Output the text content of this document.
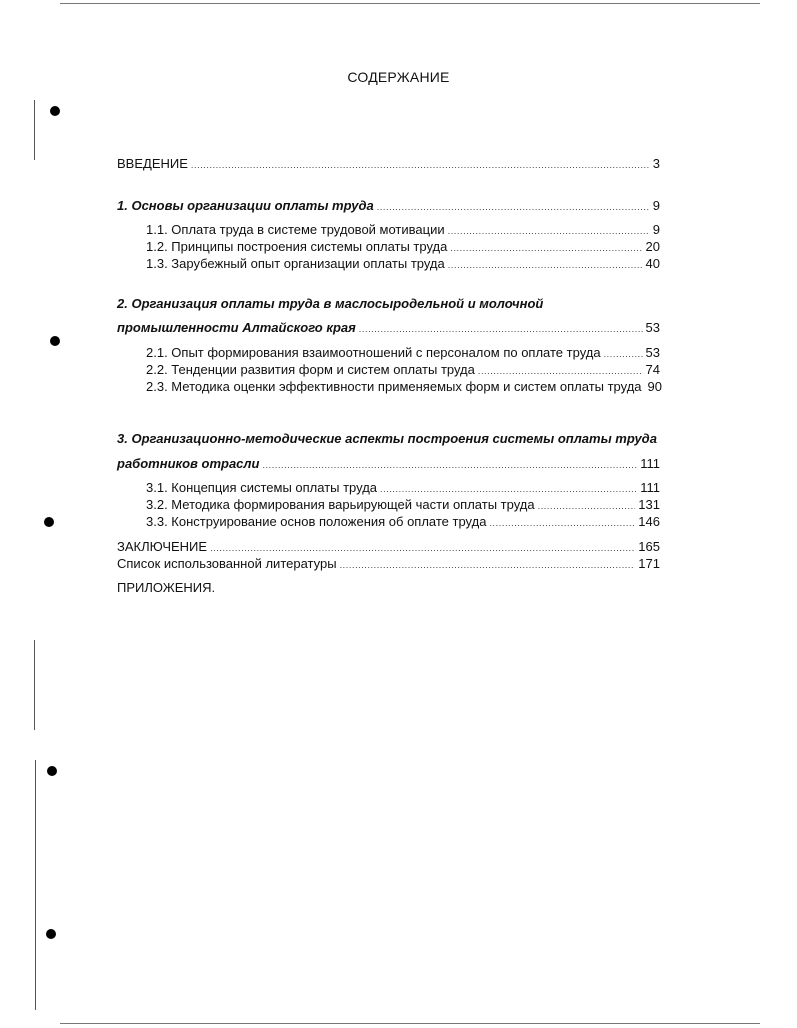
СОДЕРЖАНИЕ
ВВЕДЕНИЕ .....	3
1. Основы организации оплаты труда .....	9
1.1. Оплата труда в системе трудовой мотивации .....	9
1.2. Принципы построения системы оплаты труда .....	20
1.3. Зарубежный опыт организации оплаты труда .....	40
2. Организация оплаты труда в маслосыродельной и молочной
промышленности Алтайского края .....	53
2.1. Опыт формирования взаимоотношений с персоналом по оплате труда .....	53
2.2. Тенденции развития форм и систем оплаты труда .....	74
2.3. Методика оценки эффективности применяемых форм и систем оплаты труда 90
3. Организационно-методические аспекты построения системы оплаты труда
работников отрасли .....	111
3.1. Концепция системы оплаты труда .....	111
3.2. Методика формирования варьирующей части оплаты труда .....	131
3.3. Конструирование основ положения об оплате труда .....	146
ЗАКЛЮЧЕНИЕ .....	165
Список использованной литературы .....	171
ПРИЛОЖЕНИЯ.
